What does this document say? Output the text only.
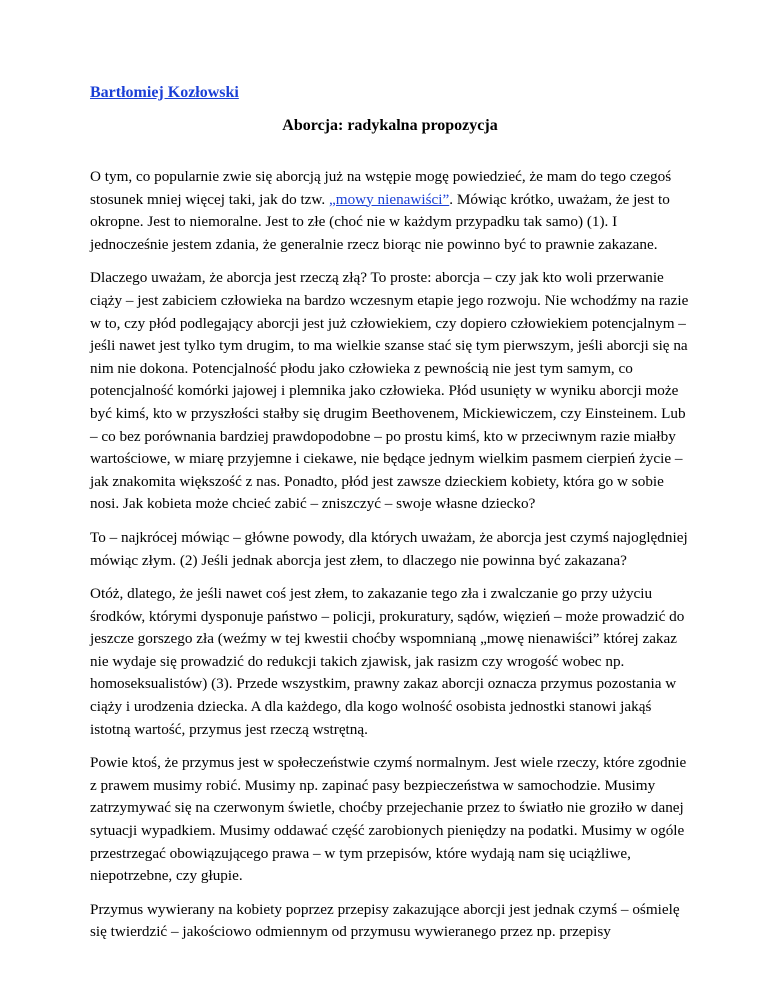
Bartłomiej Kozłowski
Aborcja: radykalna propozycja

O tym, co popularnie zwie się aborcją już na wstępie mogę powiedzieć, że mam do tego czegoś stosunek mniej więcej taki, jak do tzw. „mowy nienawiści”. Mówiąc krótko, uważam, że jest to okropne. Jest to niemoralne. Jest to złe (choć nie w każdym przypadku tak samo) (1). I jednocześnie jestem zdania, że generalnie rzecz biorąc nie powinno być to prawnie zakazane.

Dlaczego uważam, że aborcja jest rzeczą złą? To proste: aborcja – czy jak kto woli przerwanie ciąży – jest zabiciem człowieka na bardzo wczesnym etapie jego rozwoju. Nie wchodźmy na razie w to, czy płód podlegający aborcji jest już człowiekiem, czy dopiero człowiekiem potencjalnym – jeśli nawet jest tylko tym drugim, to ma wielkie szanse stać się tym pierwszym, jeśli aborcji się na nim nie dokona. Potencjalność płodu jako człowieka z pewnością nie jest tym samym, co potencjalność komórki jajowej i plemnika jako człowieka. Płód usunięty w wyniku aborcji może być kimś, kto w przyszłości stałby się drugim Beethovenem, Mickiewiczem, czy Einsteinem. Lub – co bez porównania bardziej prawdopodobne – po prostu kimś, kto w przeciwnym razie miałby wartościowe, w miarę przyjemne i ciekawe, nie będące jednym wielkim pasmem cierpień życie – jak znakomita większość z nas. Ponadto, płód jest zawsze dzieckiem kobiety, która go w sobie nosi. Jak kobieta może chcieć zabić – zniszczyć – swoje własne dziecko?

To – najkrócej mówiąc – główne powody, dla których uważam, że aborcja jest czymś najoględniej mówiąc złym. (2) Jeśli jednak aborcja jest złem, to dlaczego nie powinna być zakazana?

Otóż, dlatego, że jeśli nawet coś jest złem, to zakazanie tego zła i zwalczanie go przy użyciu środków, którymi dysponuje państwo – policji, prokuratury, sądów, więzień – może prowadzić do jeszcze gorszego zła (weźmy w tej kwestii choćby wspomnianą „mowę nienawiści” której zakaz nie wydaje się prowadzić do redukcji takich zjawisk, jak rasizm czy wrogość wobec np. homoseksualistów) (3). Przede wszystkim, prawny zakaz aborcji oznacza przymus pozostania w ciąży i urodzenia dziecka. A dla każdego, dla kogo wolność osobista jednostki stanowi jakąś istotną wartość, przymus jest rzeczą wstrętną.

Powie ktoś, że przymus jest w społeczeństwie czymś normalnym. Jest wiele rzeczy, które zgodnie z prawem musimy robić. Musimy np. zapinać pasy bezpieczeństwa w samochodzie. Musimy zatrzymywać się na czerwonym świetle, choćby przejechanie przez to światło nie groziło w danej sytuacji wypadkiem. Musimy oddawać część zarobionych pieniędzy na podatki. Musimy w ogóle przestrzegać obowiązującego prawa – w tym przepisów, które wydają nam się uciążliwe, niepotrzebne, czy głupie.

Przymus wywierany na kobiety poprzez przepisy zakazujące aborcji jest jednak czymś – ośmielę się twierdzić – jakościowo odmiennym od przymusu wywieranego przez np. przepisy
